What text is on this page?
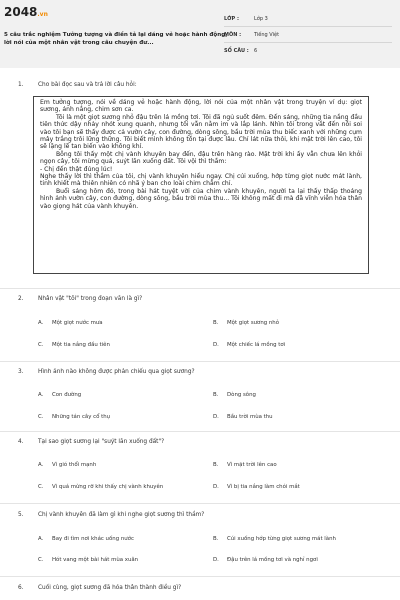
2048.vn
5 câu trắc nghiệm Tưởng tượng và điền tả lại dáng vẻ hoặc hành động, lời nói của một nhân vật trong câu chuyện đư...
LỚP :	Lớp 3
MÔN :	Tiếng Việt
SỐ CÂU : 6
1. Cho bài đọc sau và trả lời câu hỏi:

Em tưởng tượng, nói về dáng vẻ hoặc hành động, lời nói của một nhân vật trong truyện ví dụ: giọt sương, ánh nắng, chim sơn ca.

Tôi là một giọt sương nhỏ đậu trên lá mồng tơi. Tôi đã ngủ suốt đêm. Đến sáng, những tia nắng đầu tiên thức dậy nhảy nhót xung quanh, nhưng tôi vẫn nằm im và lắp lánh. Nhìn tôi trong vắt đến nỗi soi vào tôi bạn sẽ thấy được cả vườn cây, con đường, dòng sông, bầu trời mùa thu biếc xanh với những cụm mây trắng trôi lững thững. Tôi biết mình không tồn tại được lâu. Chỉ lát nữa thôi, khi mặt trời lên cao, tôi sẽ lặng lẽ tan biến vào không khí.

Bỗng tôi thấy một chị vành khuyên bay đến, đậu trên hàng rào. Mặt trời khi ấy vẫn chưa lên khỏi ngọn cây, tôi mừng quá, suýt lăn xuống đất. Tôi vội thì thầm:

- Chị đến thật đúng lúc!

Nghe thấy lời thì thầm của tôi, chị vành khuyên hiểu ngay. Chị cúi xuống, hớp từng giọt nước mát lành, tinh khiết mà thiên nhiên có nhã ý ban cho loài chim chăm chỉ.

Buổi sáng hôm đó, trong bài hát tuyệt vời của chim vành khuyên, người ta lại thấy thấp thoáng hình ảnh vườn cây, con đường, dòng sông, bầu trời mùa thu... Tôi không mất đi mà đã vĩnh viễn hóa thân vào giọng hát của vành khuyên.

2. Nhân vật "tôi" trong đoạn văn là gì?
A. Một giọt nước mưa	B. Một giọt sương nhỏ
C. Một tia nắng đầu tiên	D. Một chiếc lá mồng tơi
3. Hình ảnh nào không được phản chiếu qua giọt sương?
A. Con đường	B. Dòng sông
C. Những tán cây cổ thụ	D. Bầu trời mùa thu
4. Tại sao giọt sương lại "suýt lăn xuống đất"?
A. Vì gió thổi mạnh	B. Vì mặt trời lên cao
C. Vì quá mừng rỡ khi thấy chị vành khuyên	D. Vì bị tia nắng làm chói mắt
5. Chị vành khuyên đã làm gì khi nghe giọt sương thì thầm?
A. Bay đi tìm nơi khác uống nước	B. Cúi xuống hớp từng giọt sương mát lành
C. Hót vang một bài hát mùa xuân	D. Đậu trên lá mồng tơi và nghỉ ngơi
6. Cuối cùng, giọt sương đã hóa thân thành điều gì?
